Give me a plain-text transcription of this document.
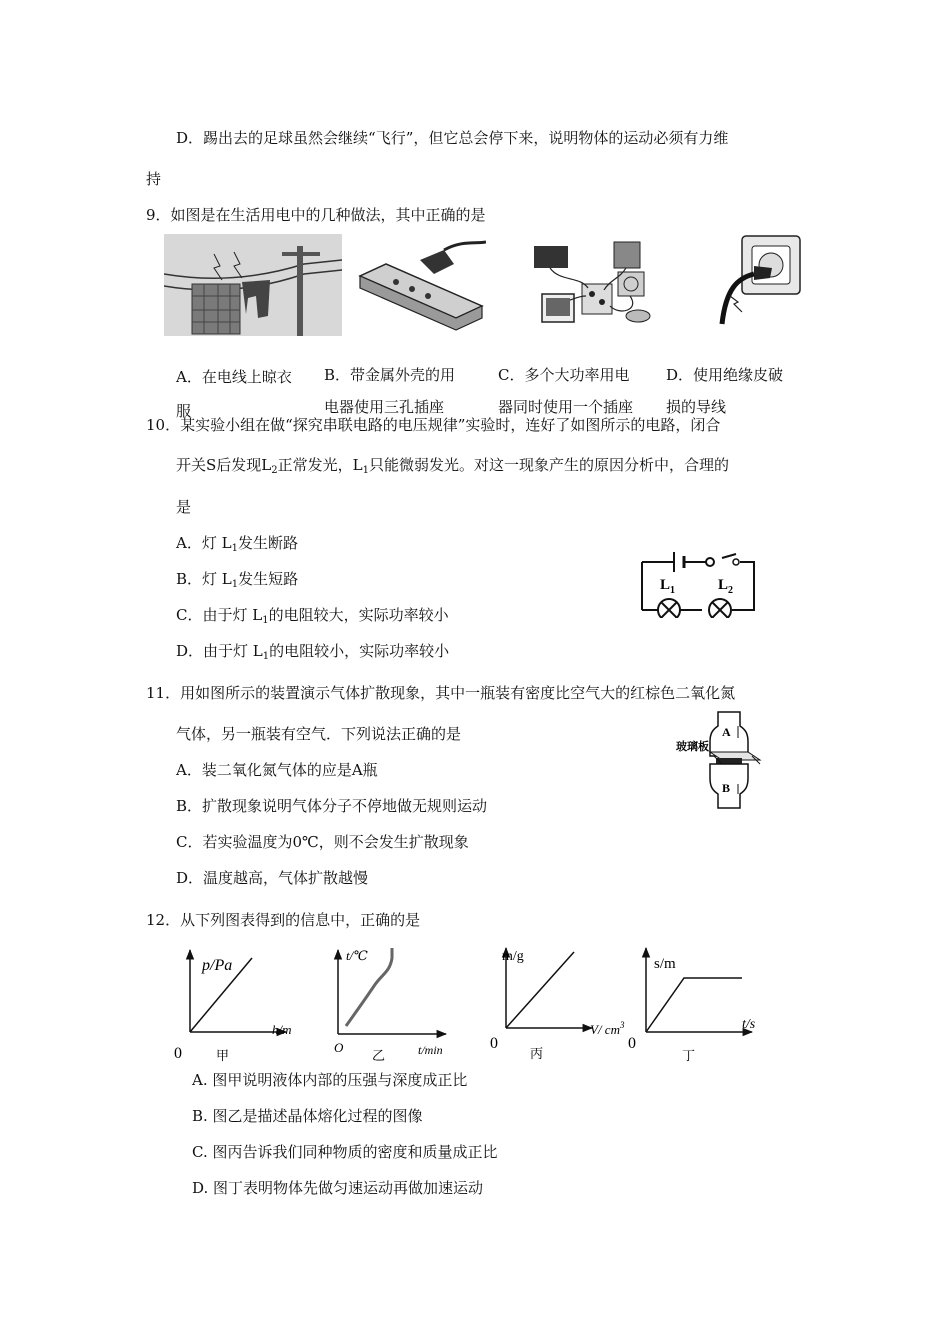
D．踢出去的足球虽然会继续“飞行”，但它总会停下来，说明物体的运动必须有力维
持
9．如图是在生活用电中的几种做法，其中正确的是
A．在电线上晾衣
服
B．带金属外壳的用
电器使用三孔插座
C．多个大功率用电
器同时使用一个插座
D．使用绝缘皮破
损的导线
10．某实验小组在做“探究串联电路的电压规律”实验时，连好了如图所示的电路，闭合
开关S后发现$L_2$正常发光，$L_1$只能微弱发光。对这一现象产生的原因分析中，合理的
是
A．灯 $L_1$发生断路
B．灯 $L_1$发生短路
C．由于灯 $L_1$的电阻较大，实际功率较小
D．由于灯 $L_1$的电阻较小，实际功率较小
$L_1$	$L_2$
11．用如图所示的装置演示气体扩散现象，其中一瓶装有密度比空气大的红棕色二氧化氮
气体，另一瓶装有空气．下列说法正确的是
A．装二氧化氮气体的应是A瓶
B．扩散现象说明气体分子不停地做无规则运动
C．若实验温度为0℃，则不会发生扩散现象
D．温度越高，气体扩散越慢
玻璃板
A
B
12．从下列图表得到的信息中，正确的是
p/Pa
h/m
0	甲
t/℃
t/min
O
乙
m/g
V/ $cm^3$
0
丙
s/m
t/s
0
丁
A. 图甲说明液体内部的压强与深度成正比
B. 图乙是描述晶体熔化过程的图像
C. 图丙告诉我们同种物质的密度和质量成正比
D. 图丁表明物体先做匀速运动再做加速运动
